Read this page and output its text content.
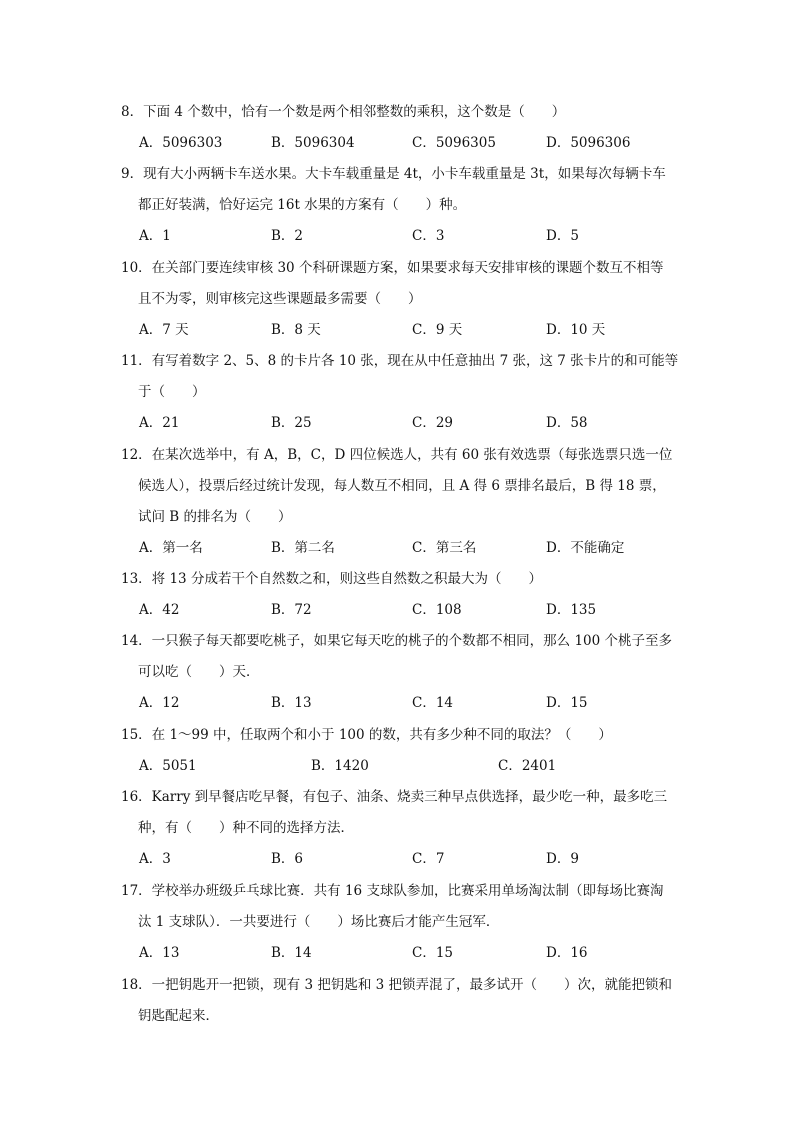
8．下面 4 个数中，恰有一个数是两个相邻整数的乘积，这个数是（　　）

A．5096303	B．5096304	C．5096305	D．5096306

9．现有大小两辆卡车送水果。大卡车载重量是 4t，小卡车载重量是 3t，如果每次每辆卡车

都正好装满，恰好运完 16t 水果的方案有（　　）种。

A．1	B．2	C．3	D．5

10．在关部门要连续审核 30 个科研课题方案，如果要求每天安排审核的课题个数互不相等

且不为零，则审核完这些课题最多需要（　　）

A．7 天	B．8 天	C．9 天	D．10 天

11．有写着数字 2、5、8 的卡片各 10 张，现在从中任意抽出 7 张，这 7 张卡片的和可能等

于（　　）

A．21	B．25	C．29	D．58

12．在某次选举中，有 A，B，C，D 四位候选人，共有 60 张有效选票（每张选票只选一位

候选人），投票后经过统计发现，每人数互不相同，且 A 得 6 票排名最后，B 得 18 票，

试问 B 的排名为（　　）

A．第一名	B．第二名	C．第三名	D．不能确定

13．将 13 分成若干个自然数之和，则这些自然数之积最大为（　　）

A．42	B．72	C．108	D．135

14．一只猴子每天都要吃桃子，如果它每天吃的桃子的个数都不相同，那么 100 个桃子至多

可以吃（　　）天．

A．12	B．13	C．14	D．15

15．在 1～99 中，任取两个和小于 100 的数，共有多少种不同的取法？（　　）

A．5051	B．1420	C．2401

16．Karry 到早餐店吃早餐，有包子、油条、烧卖三种早点供选择，最少吃一种，最多吃三

种，有（　　）种不同的选择方法．

A．3	B．6	C．7	D．9

17．学校举办班级乒乓球比赛．共有 16 支球队参加，比赛采用单场淘汰制（即每场比赛淘

汰 1 支球队）．一共要进行（　　）场比赛后才能产生冠军．

A．13	B．14	C．15	D．16

18．一把钥匙开一把锁，现有 3 把钥匙和 3 把锁弄混了，最多试开（　　）次，就能把锁和

钥匙配起来．
